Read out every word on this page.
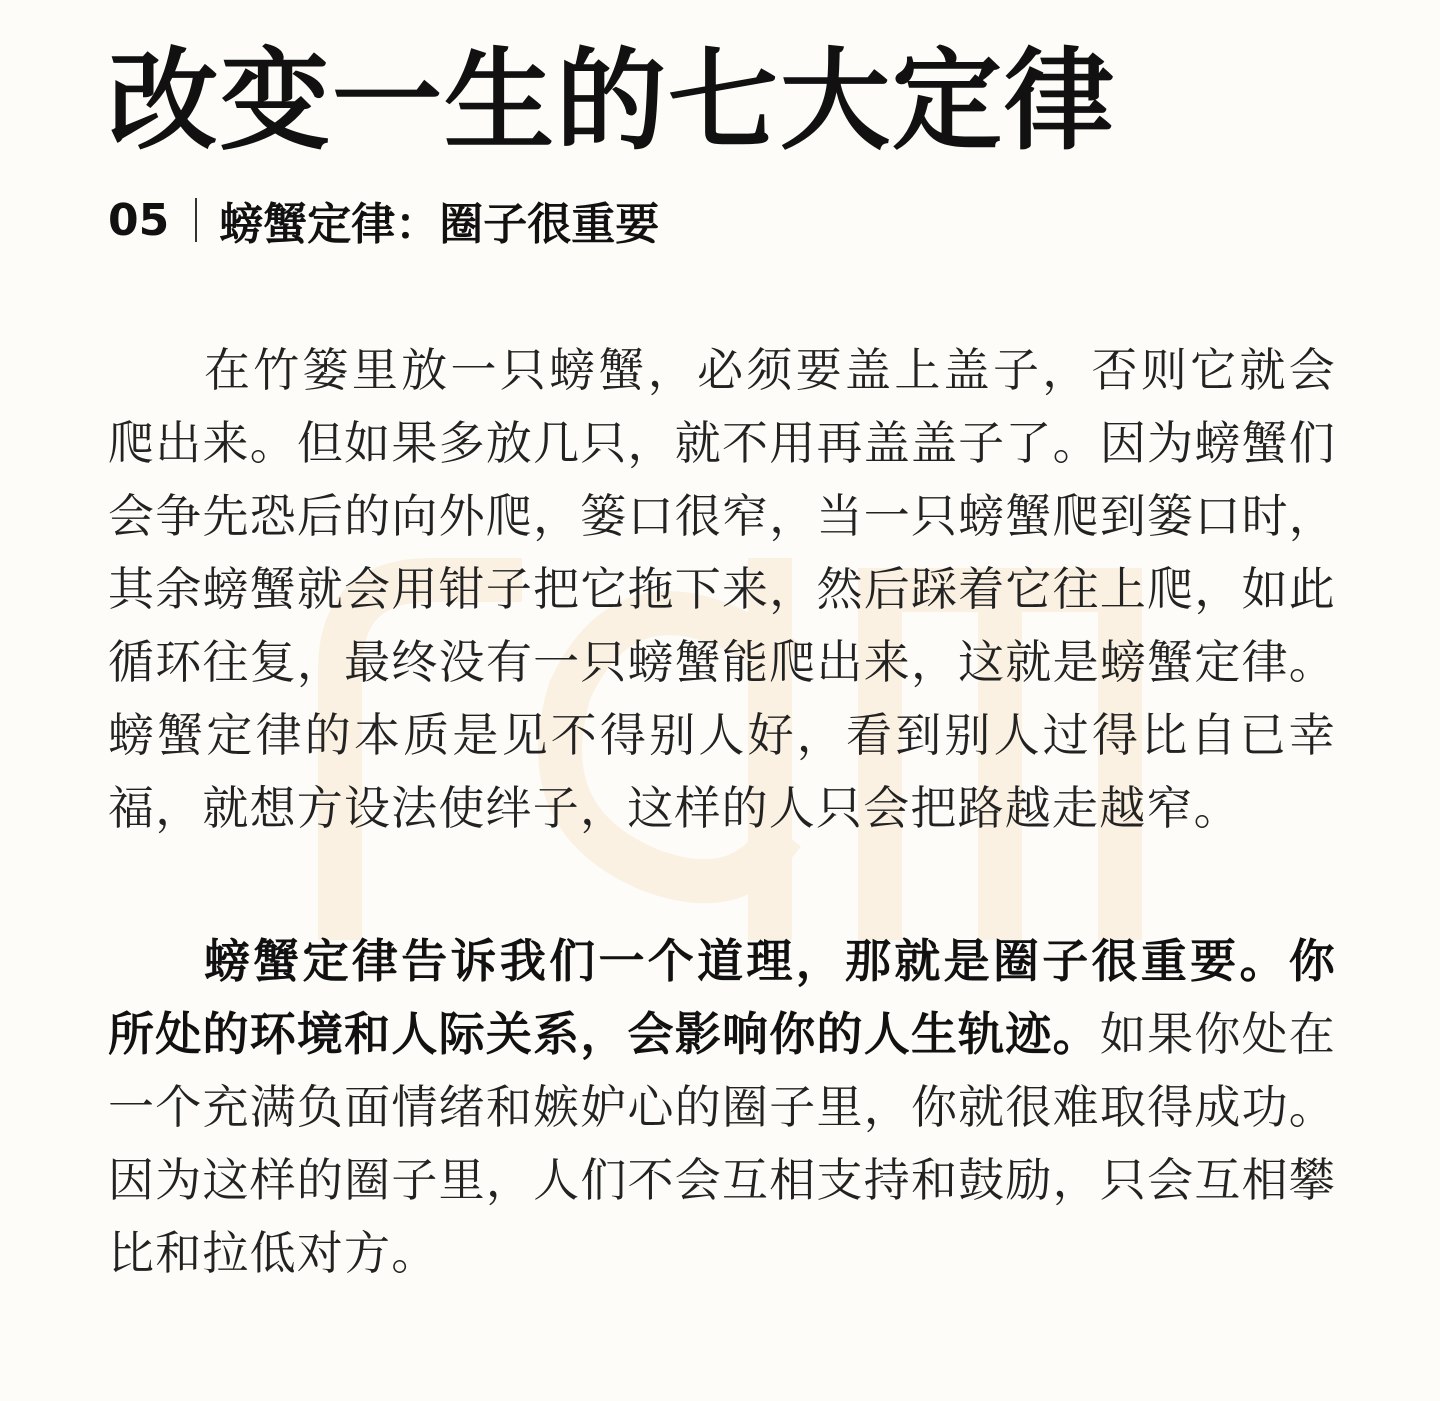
改变一生的七大定律
05 螃蟹定律：圈子很重要

在竹篓里放一只螃蟹，必须要盖上盖子，否则它就会爬出来。但如果多放几只，就不用再盖盖子了。因为螃蟹们会争先恐后的向外爬，篓口很窄，当一只螃蟹爬到篓口时，其余螃蟹就会用钳子把它拖下来，然后踩着它往上爬，如此循环往复，最终没有一只螃蟹能爬出来，这就是螃蟹定律。螃蟹定律的本质是见不得别人好，看到别人过得比自已幸福，就想方设法使绊子，这样的人只会把路越走越窄。

螃蟹定律告诉我们一个道理，那就是圈子很重要。你所处的环境和人际关系，会影响你的人生轨迹。如果你处在一个充满负面情绪和嫉妒心的圈子里，你就很难取得成功。因为这样的圈子里，人们不会互相支持和鼓励，只会互相攀比和拉低对方。
